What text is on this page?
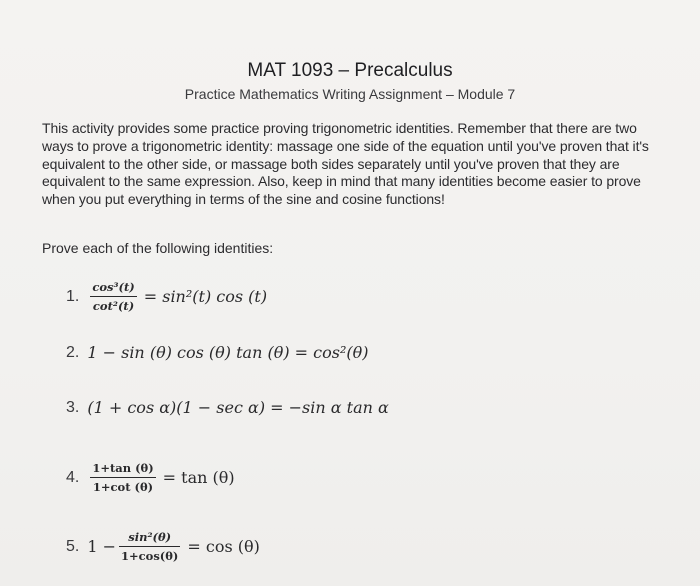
MAT 1093 – Precalculus
Practice Mathematics Writing Assignment – Module 7
This activity provides some practice proving trigonometric identities. Remember that there are two ways to prove a trigonometric identity: massage one side of the equation until you've proven that it's equivalent to the other side, or massage both sides separately until you've proven that they are equivalent to the same expression. Also, keep in mind that many identities become easier to prove when you put everything in terms of the sine and cosine functions!
Prove each of the following identities:
1. $\frac{\text{cos³(t)}}{\text{cot²(t)}} = \sin^2(t)$ cos (t)
2. 1 − sin (θ) cos (θ) tan (θ) = cos²(θ)
3. (1 + cos α)(1 − sec α) = −sin α tan α
4. $\frac{1+\tan (\theta)}{1+\cot (\theta)} = \tan (\theta)$
5. $1 - \frac{\text{sin²(θ)}}{1+\cos(\theta)} = \cos (\theta)$
